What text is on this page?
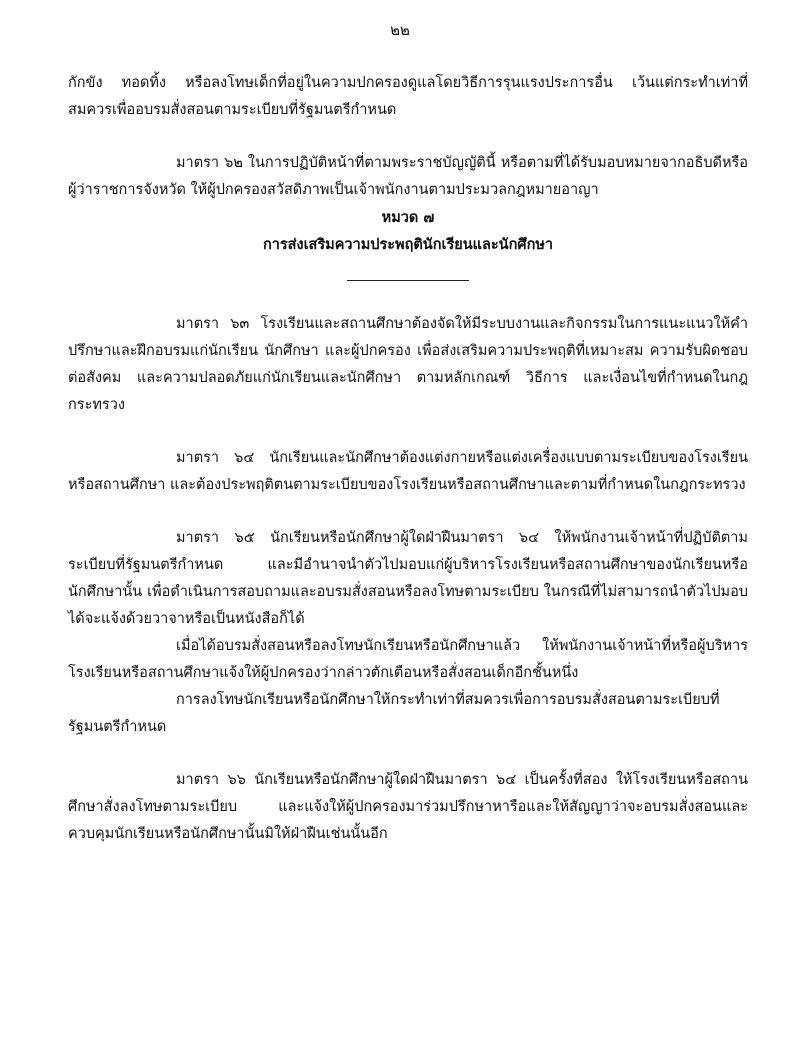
๒๒

กักขัง ทอดทิ้ง หรือลงโทษเด็กที่อยู่ในความปกครองดูแลโดยวิธีการรุนแรงประการอื่น เว้นแต่กระทำเท่าที่สมควรเพื่ออบรมสั่งสอนตามระเบียบที่รัฐมนตรีกำหนด

มาตรา ๖๒ ในการปฏิบัติหน้าที่ตามพระราชบัญญัตินี้ หรือตามที่ได้รับมอบหมายจากอธิบดีหรือผู้ว่าราชการจังหวัด ให้ผู้ปกครองสวัสดิภาพเป็นเจ้าพนักงานตามประมวลกฎหมายอาญา

หมวด ๗

การส่งเสริมความประพฤตินักเรียนและนักศึกษา

มาตรา ๖๓ โรงเรียนและสถานศึกษาต้องจัดให้มีระบบงานและกิจกรรมในการแนะแนวให้คำปรึกษาและฝึกอบรมแก่นักเรียน นักศึกษา และผู้ปกครอง เพื่อส่งเสริมความประพฤติที่เหมาะสม ความรับผิดชอบต่อสังคม และความปลอดภัยแก่นักเรียนและนักศึกษา ตามหลักเกณฑ์ วิธีการ และเงื่อนไขที่กำหนดในกฎกระทรวง

มาตรา ๖๔ นักเรียนและนักศึกษาต้องแต่งกายหรือแต่งเครื่องแบบตามระเบียบของโรงเรียนหรือสถานศึกษา และต้องประพฤติตนตามระเบียบของโรงเรียนหรือสถานศึกษาและตามที่กำหนดในกฎกระทรวง

มาตรา ๖๕ นักเรียนหรือนักศึกษาผู้ใดฝ่าฝืนมาตรา ๖๔ ให้พนักงานเจ้าหน้าที่ปฏิบัติตามระเบียบที่รัฐมนตรีกำหนด และมีอำนาจนำตัวไปมอบแก่ผู้บริหารโรงเรียนหรือสถานศึกษาของนักเรียนหรือนักศึกษานั้น เพื่อดำเนินการสอบถามและอบรมสั่งสอนหรือลงโทษตามระเบียบ ในกรณีที่ไม่สามารถนำตัวไปมอบได้จะแจ้งด้วยวาจาหรือเป็นหนังสือก็ได้

เมื่อได้อบรมสั่งสอนหรือลงโทษนักเรียนหรือนักศึกษาแล้ว ให้พนักงานเจ้าหน้าที่หรือผู้บริหารโรงเรียนหรือสถานศึกษาแจ้งให้ผู้ปกครองว่ากล่าวตักเตือนหรือสั่งสอนเด็กอีกชั้นหนึ่ง

การลงโทษนักเรียนหรือนักศึกษาให้กระทำเท่าที่สมควรเพื่อการอบรมสั่งสอนตามระเบียบที่รัฐมนตรีกำหนด

มาตรา ๖๖ นักเรียนหรือนักศึกษาผู้ใดฝ่าฝืนมาตรา ๖๔ เป็นครั้งที่สอง ให้โรงเรียนหรือสถานศึกษาสั่งลงโทษตามระเบียบ และแจ้งให้ผู้ปกครองมาร่วมปรึกษาหารือและให้สัญญาว่าจะอบรมสั่งสอนและควบคุมนักเรียนหรือนักศึกษานั้นมิให้ฝ่าฝืนเช่นนั้นอีก
